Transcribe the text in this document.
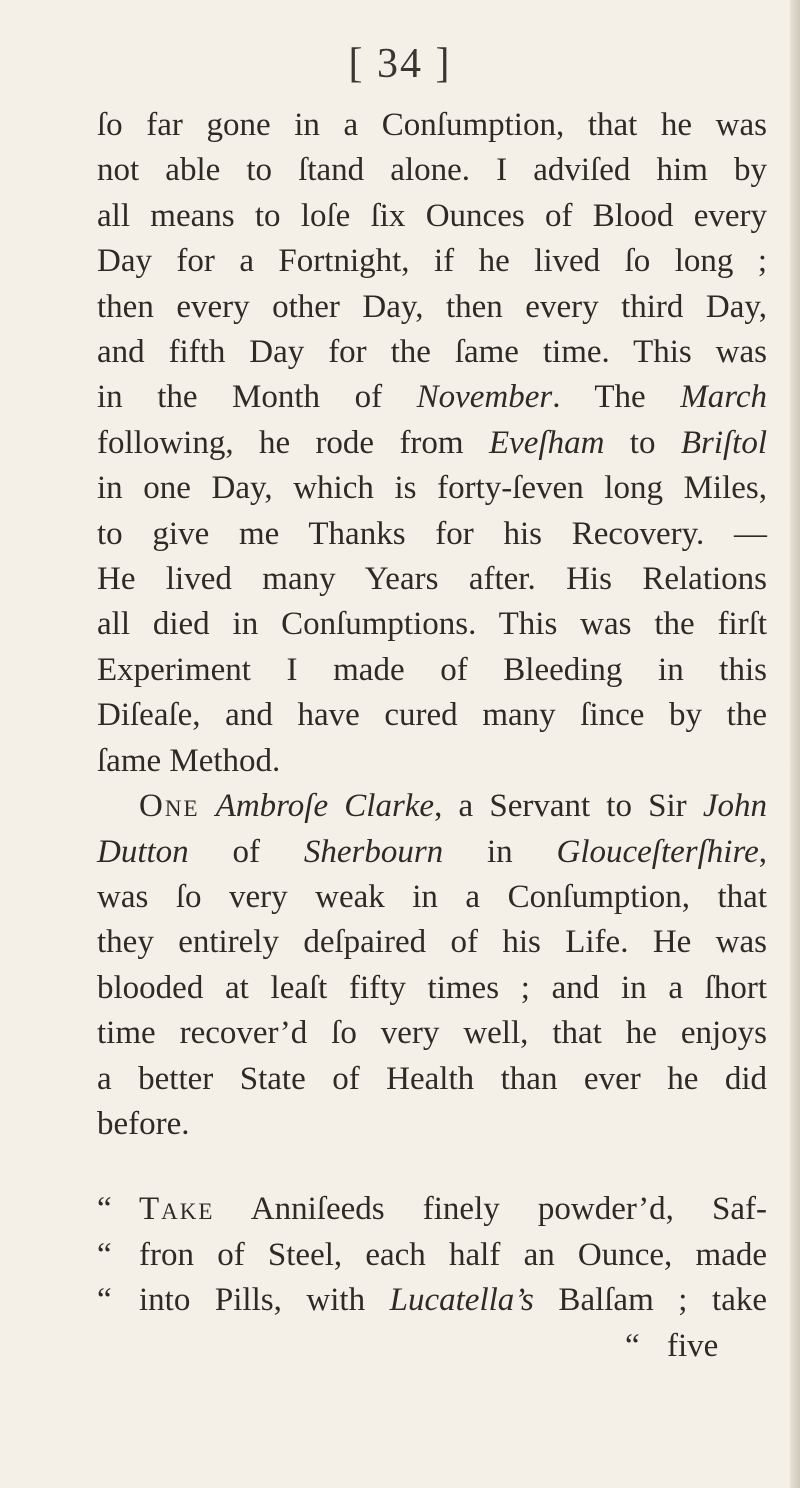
[ 34 ]
ſo far gone in a Conſumption, that he was
not able to ſtand alone. I adviſed him by
all means to loſe ſix Ounces of Blood every
Day for a Fortnight, if he lived ſo long ;
then every other Day, then every third Day,
and fifth Day for the ſame time. This was
in the Month of November. The March
following, he rode from Eveſham to Briſtol
in one Day, which is forty-ſeven long Miles,
to give me Thanks for his Recovery. —
He lived many Years after. His Relations
all died in Conſumptions. This was the firſt
Experiment I made of Bleeding in this
Diſeaſe, and have cured many ſince by the
ſame Method.
One Ambroſe Clarke, a Servant to Sir John
Dutton of Sherbourn in Glouceſterſhire,
was ſo very weak in a Conſumption, that
they entirely deſpaired of his Life. He was
blooded at leaſt fifty times ; and in a ſhort
time recover’d ſo very well, that he enjoys
a better State of Health than ever he did
before.
“ Take Anniſeeds finely powder’d, Saf-
“ fron of Steel, each half an Ounce, made
“ into Pills, with Lucatella’s Balſam ; take
“ five
